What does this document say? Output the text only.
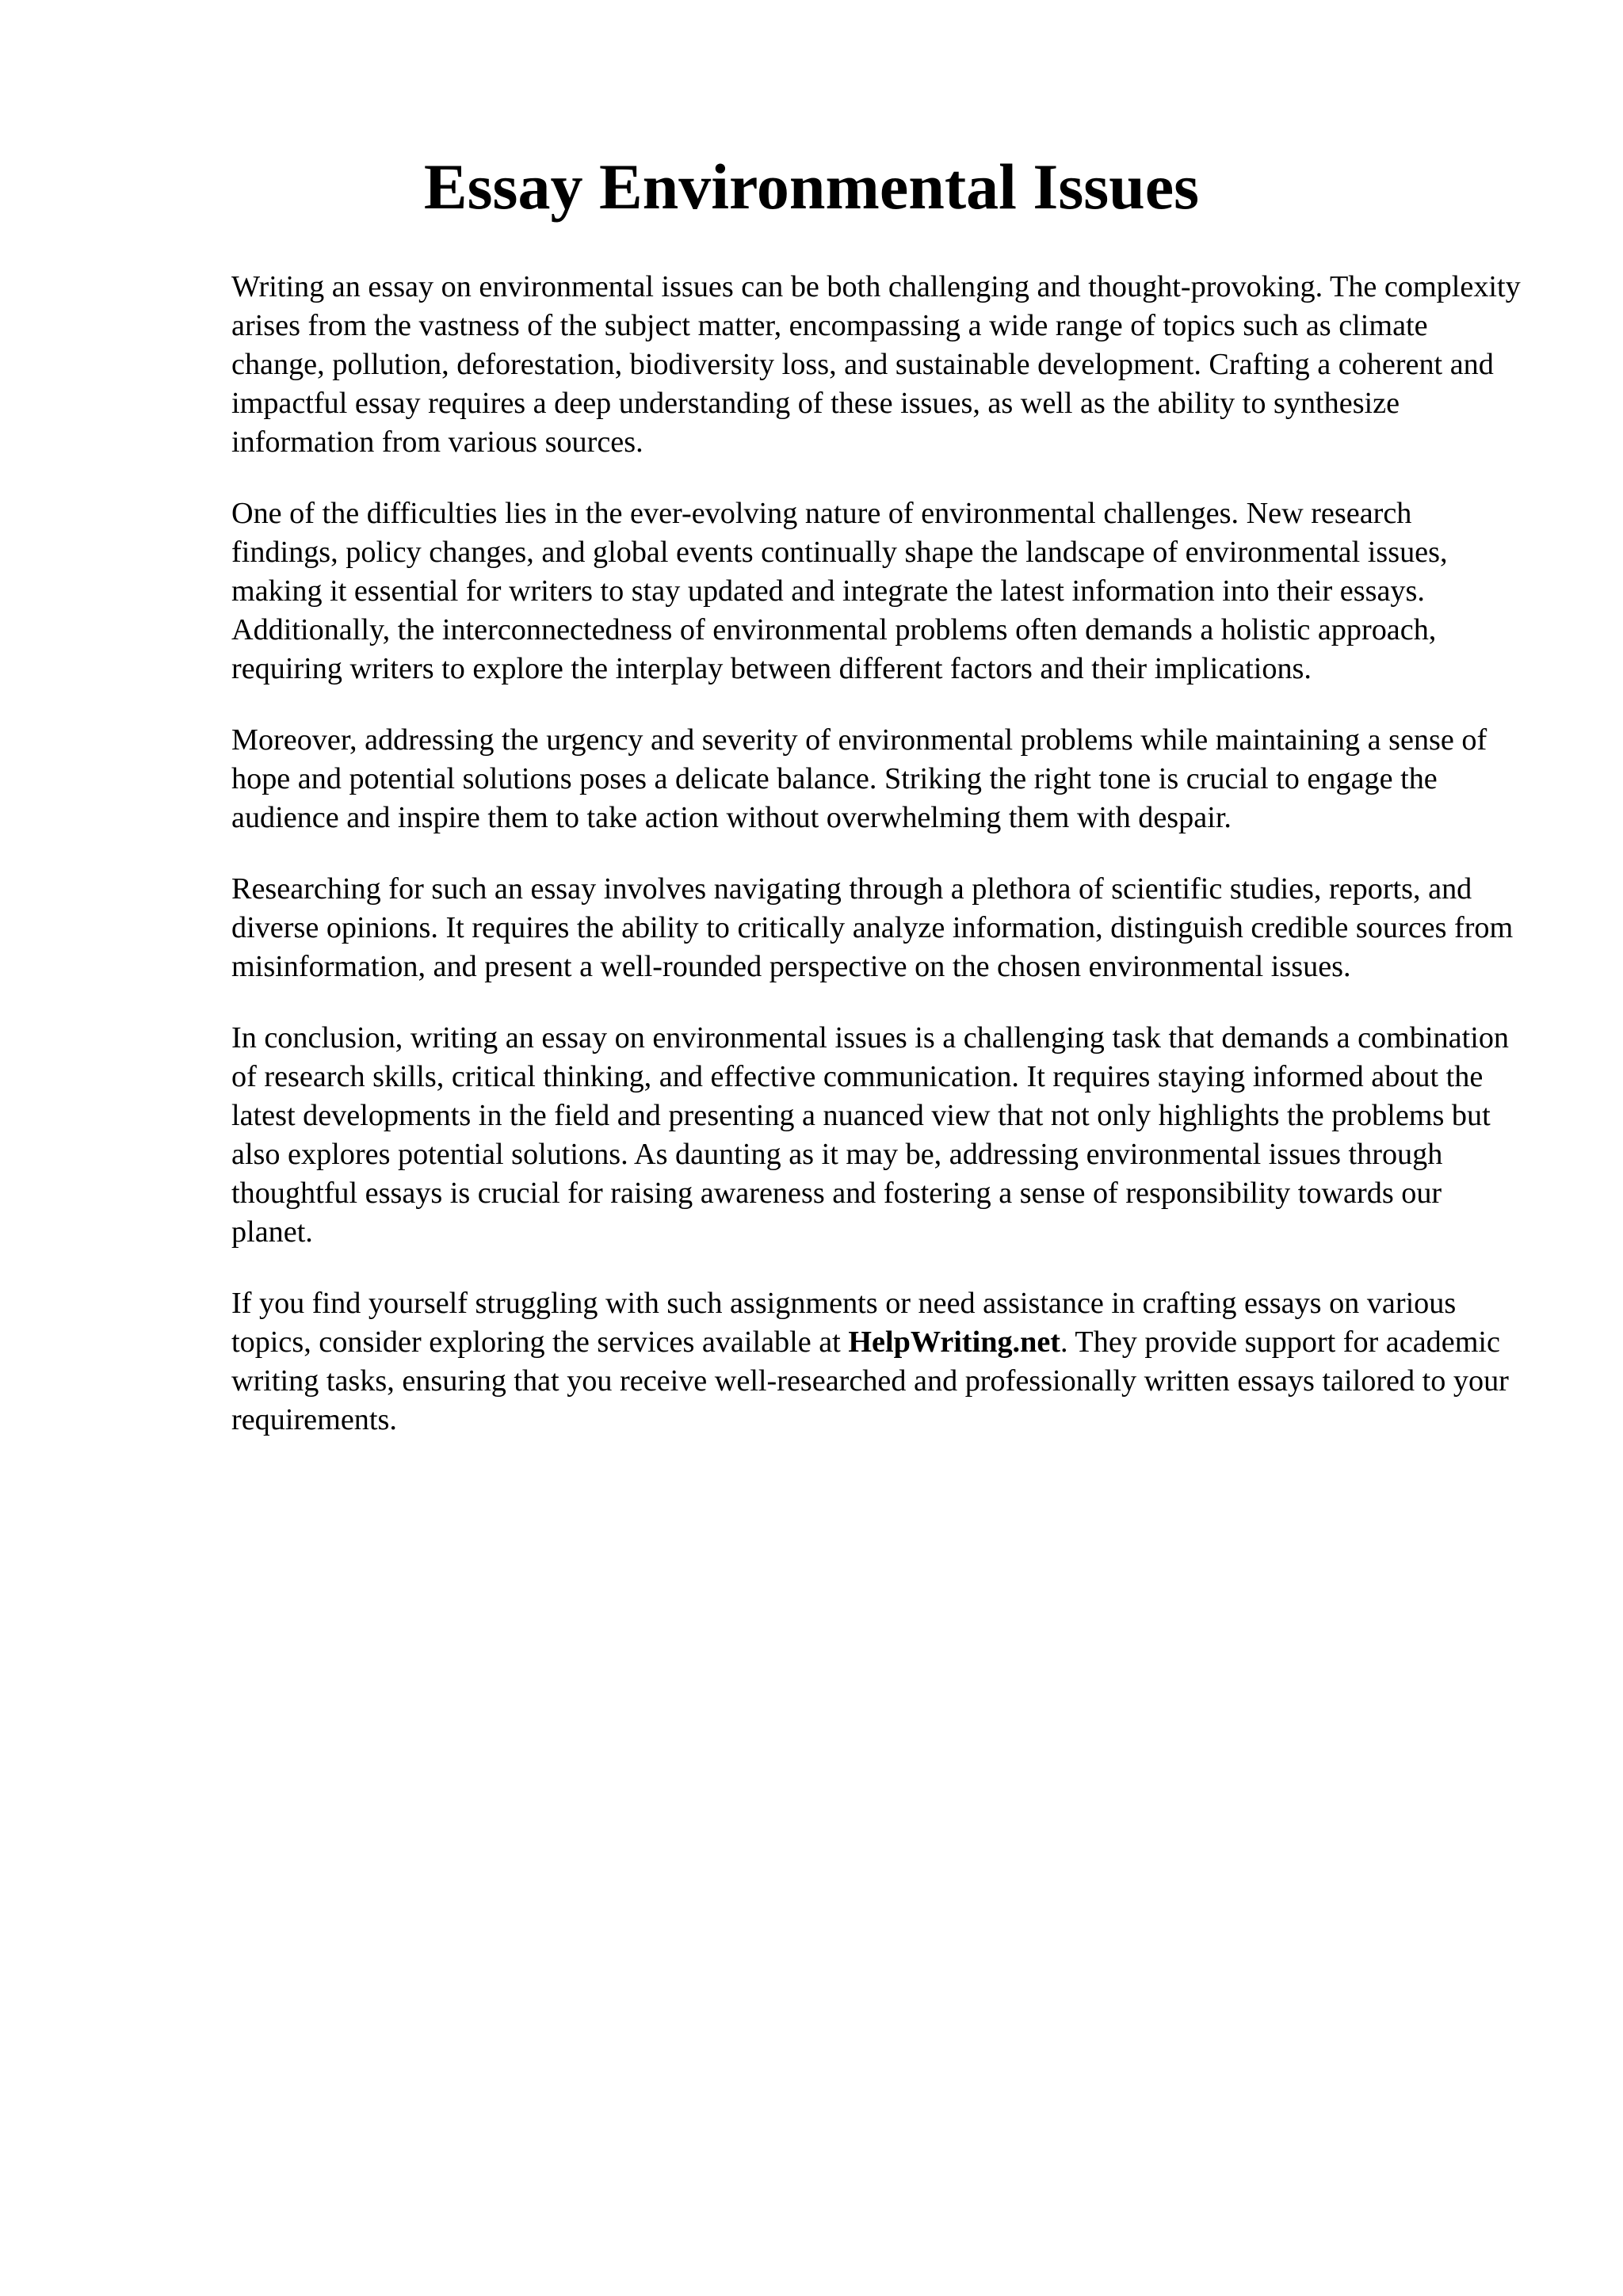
Essay Environmental Issues

Writing an essay on environmental issues can be both challenging and thought-provoking. The complexity arises from the vastness of the subject matter, encompassing a wide range of topics such as climate change, pollution, deforestation, biodiversity loss, and sustainable development. Crafting a coherent and impactful essay requires a deep understanding of these issues, as well as the ability to synthesize information from various sources.

One of the difficulties lies in the ever-evolving nature of environmental challenges. New research findings, policy changes, and global events continually shape the landscape of environmental issues, making it essential for writers to stay updated and integrate the latest information into their essays. Additionally, the interconnectedness of environmental problems often demands a holistic approach, requiring writers to explore the interplay between different factors and their implications.

Moreover, addressing the urgency and severity of environmental problems while maintaining a sense of hope and potential solutions poses a delicate balance. Striking the right tone is crucial to engage the audience and inspire them to take action without overwhelming them with despair.

Researching for such an essay involves navigating through a plethora of scientific studies, reports, and diverse opinions. It requires the ability to critically analyze information, distinguish credible sources from misinformation, and present a well-rounded perspective on the chosen environmental issues.

In conclusion, writing an essay on environmental issues is a challenging task that demands a combination of research skills, critical thinking, and effective communication. It requires staying informed about the latest developments in the field and presenting a nuanced view that not only highlights the problems but also explores potential solutions. As daunting as it may be, addressing environmental issues through thoughtful essays is crucial for raising awareness and fostering a sense of responsibility towards our planet.

If you find yourself struggling with such assignments or need assistance in crafting essays on various topics, consider exploring the services available at HelpWriting.net. They provide support for academic writing tasks, ensuring that you receive well-researched and professionally written essays tailored to your requirements.
